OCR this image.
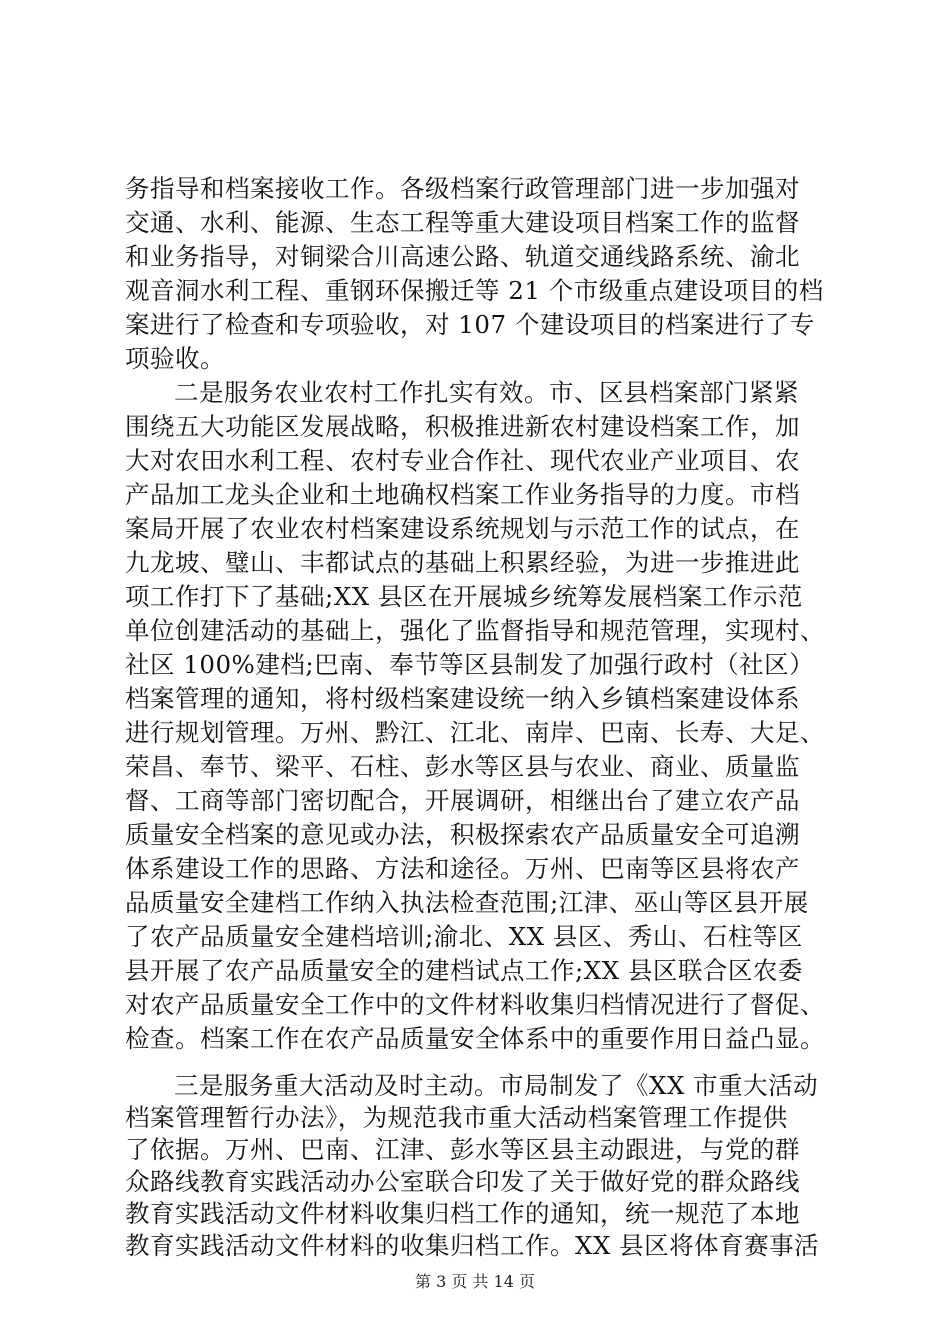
务指导和档案接收工作。各级档案行政管理部门进一步加强对
交通、水利、能源、生态工程等重大建设项目档案工作的监督
和业务指导，对铜梁合川高速公路、轨道交通线路系统、渝北
观音洞水利工程、重钢环保搬迁等 21 个市级重点建设项目的档
案进行了检查和专项验收，对 107 个建设项目的档案进行了专
项验收。
二是服务农业农村工作扎实有效。市、区县档案部门紧紧
围绕五大功能区发展战略，积极推进新农村建设档案工作，加
大对农田水利工程、农村专业合作社、现代农业产业项目、农
产品加工龙头企业和土地确权档案工作业务指导的力度。市档
案局开展了农业农村档案建设系统规划与示范工作的试点，在
九龙坡、璧山、丰都试点的基础上积累经验，为进一步推进此
项工作打下了基础;XX 县区在开展城乡统筹发展档案工作示范
单位创建活动的基础上，强化了监督指导和规范管理，实现村、
社区 100%建档;巴南、奉节等区县制发了加强行政村（社区）
档案管理的通知，将村级档案建设统一纳入乡镇档案建设体系
进行规划管理。万州、黔江、江北、南岸、巴南、长寿、大足、
荣昌、奉节、梁平、石柱、彭水等区县与农业、商业、质量监
督、工商等部门密切配合，开展调研，相继出台了建立农产品
质量安全档案的意见或办法，积极探索农产品质量安全可追溯
体系建设工作的思路、方法和途径。万州、巴南等区县将农产
品质量安全建档工作纳入执法检查范围;江津、巫山等区县开展
了农产品质量安全建档培训;渝北、XX 县区、秀山、石柱等区
县开展了农产品质量安全的建档试点工作;XX 县区联合区农委
对农产品质量安全工作中的文件材料收集归档情况进行了督促、
检查。档案工作在农产品质量安全体系中的重要作用日益凸显。
三是服务重大活动及时主动。市局制发了《XX 市重大活动
档案管理暂行办法》，为规范我市重大活动档案管理工作提供
了依据。万州、巴南、江津、彭水等区县主动跟进，与党的群
众路线教育实践活动办公室联合印发了关于做好党的群众路线
教育实践活动文件材料收集归档工作的通知，统一规范了本地
教育实践活动文件材料的收集归档工作。XX 县区将体育赛事活
第 3 页 共 14 页
